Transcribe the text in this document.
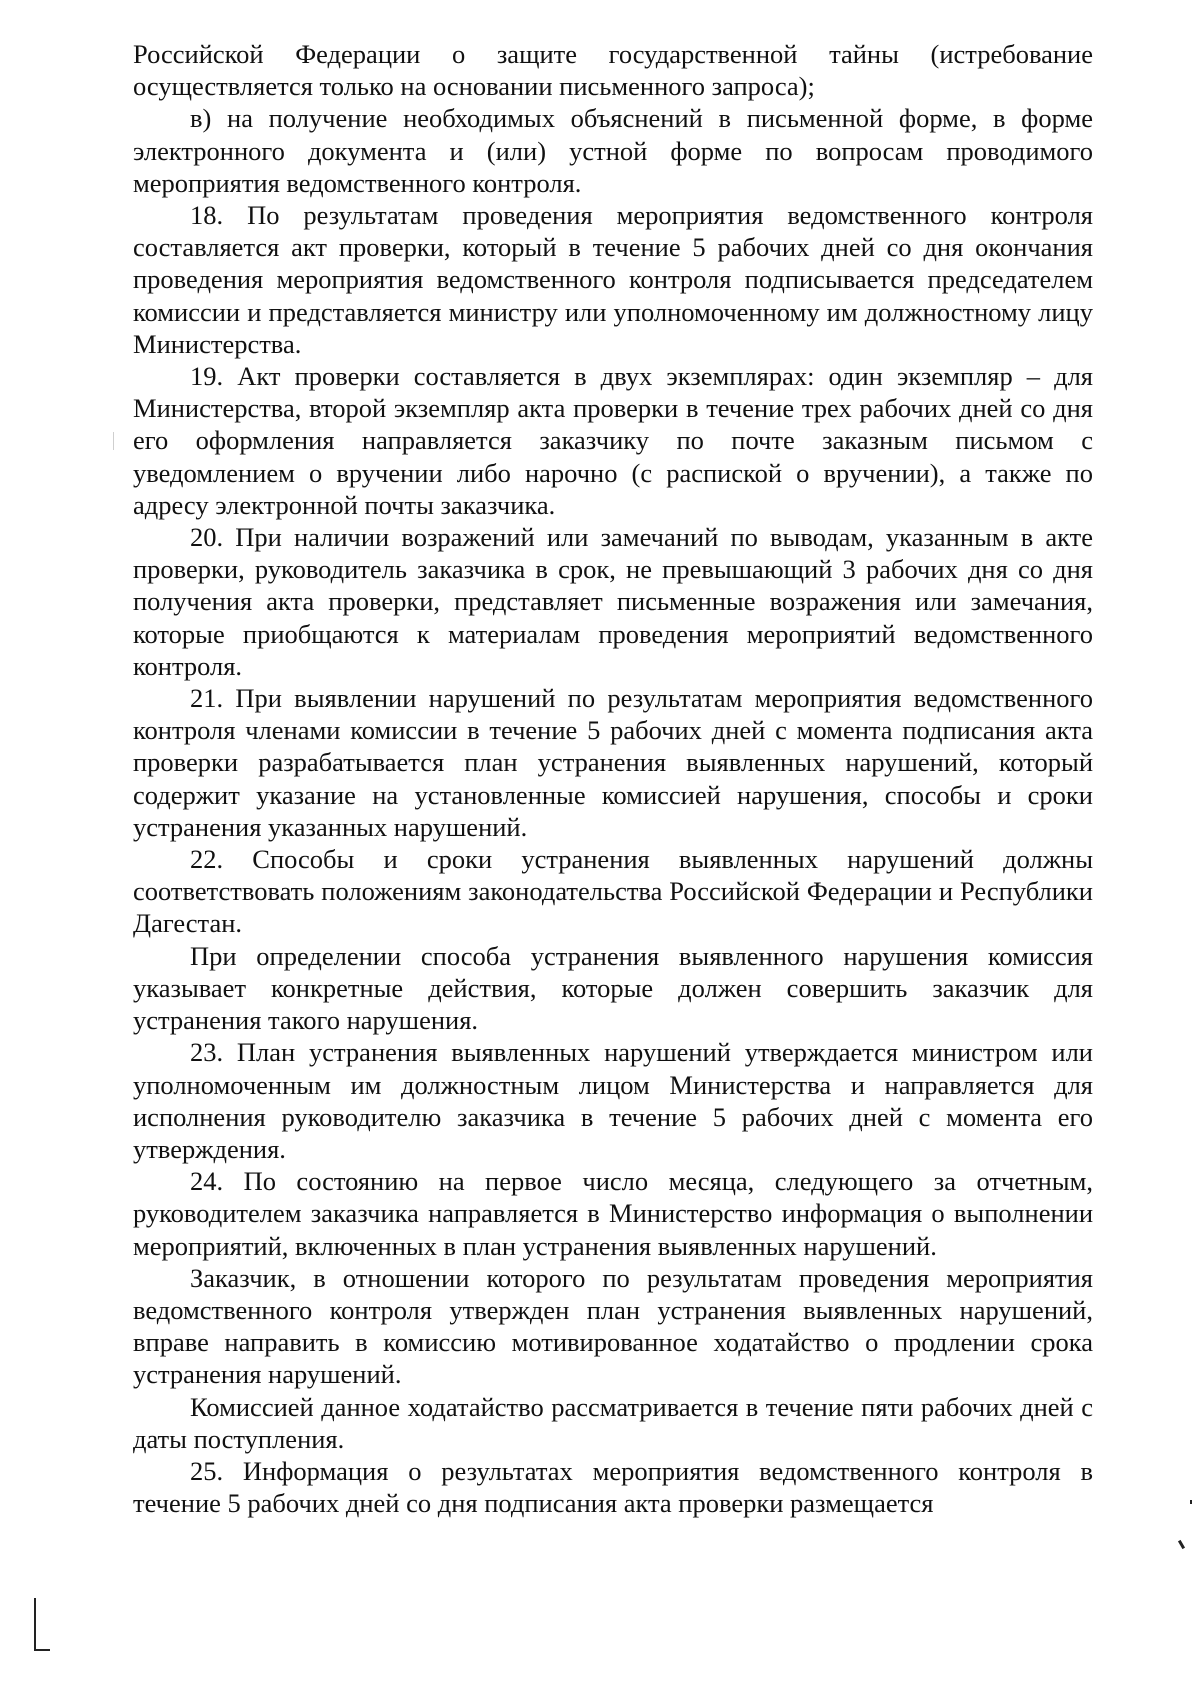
Российской Федерации о защите государственной тайны (истребование осуществляется только на основании письменного запроса);

в) на получение необходимых объяснений в письменной форме, в форме электронного документа и (или) устной форме по вопросам проводимого мероприятия ведомственного контроля.

18. По результатам проведения мероприятия ведомственного контроля составляется акт проверки, который в течение 5 рабочих дней со дня окончания проведения мероприятия ведомственного контроля подписывается председателем комиссии и представляется министру или уполномоченному им должностному лицу Министерства.

19. Акт проверки составляется в двух экземплярах: один экземпляр – для Министерства, второй экземпляр акта проверки в течение трех рабочих дней со дня его оформления направляется заказчику по почте заказным письмом с уведомлением о вручении либо нарочно (с распиской о вручении), а также по адресу электронной почты заказчика.

20. При наличии возражений или замечаний по выводам, указанным в акте проверки, руководитель заказчика в срок, не превышающий 3 рабочих дня со дня получения акта проверки, представляет письменные возражения или замечания, которые приобщаются к материалам проведения мероприятий ведомственного контроля.

21. При выявлении нарушений по результатам мероприятия ведомственного контроля членами комиссии в течение 5 рабочих дней с момента подписания акта проверки разрабатывается план устранения выявленных нарушений, который содержит указание на установленные комиссией нарушения, способы и сроки устранения указанных нарушений.

22. Способы и сроки устранения выявленных нарушений должны соответствовать положениям законодательства Российской Федерации и Республики Дагестан.

При определении способа устранения выявленного нарушения комиссия указывает конкретные действия, которые должен совершить заказчик для устранения такого нарушения.

23. План устранения выявленных нарушений утверждается министром или уполномоченным им должностным лицом Министерства и направляется для исполнения руководителю заказчика в течение 5 рабочих дней с момента его утверждения.

24. По состоянию на первое число месяца, следующего за отчетным, руководителем заказчика направляется в Министерство информация о выполнении мероприятий, включенных в план устранения выявленных нарушений.

Заказчик, в отношении которого по результатам проведения мероприятия ведомственного контроля утвержден план устранения выявленных нарушений, вправе направить в комиссию мотивированное ходатайство о продлении срока устранения нарушений.

Комиссией данное ходатайство рассматривается в течение пяти рабочих дней с даты поступления.

25. Информация о результатах мероприятия ведомственного контроля в течение 5 рабочих дней со дня подписания акта проверки размещается
